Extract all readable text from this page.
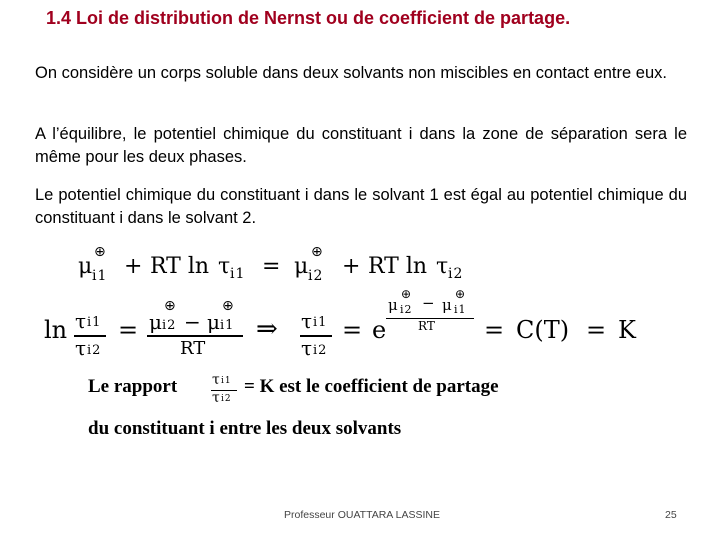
1.4 Loi de distribution de Nernst ou de coefficient de partage.
On considère un corps soluble dans deux solvants non miscibles en contact entre eux.
A l’équilibre, le potentiel chimique du constituant i dans la zone de séparation sera le même pour les deux phases.
Le potentiel chimique du constituant i dans le solvant 1 est égal au potentiel chimique du constituant i dans le solvant 2.
μ
⊕
i1 + RT ln τ i1 = μ
⊕
i2 + RT ln τ i2
ln τ i1
τ i2
= μ
⊕
i2 − μ
⊕
i1
RT
⇒ τ i1
τ i2
= e
μ
⊕
i2 − μ
⊕
i1
RT = C(T) = K
Le rapport τ i1
τ i2
= K est le coefficient de partage
du constituant i entre les deux solvants
Professeur OUATTARA LASSINE	25
